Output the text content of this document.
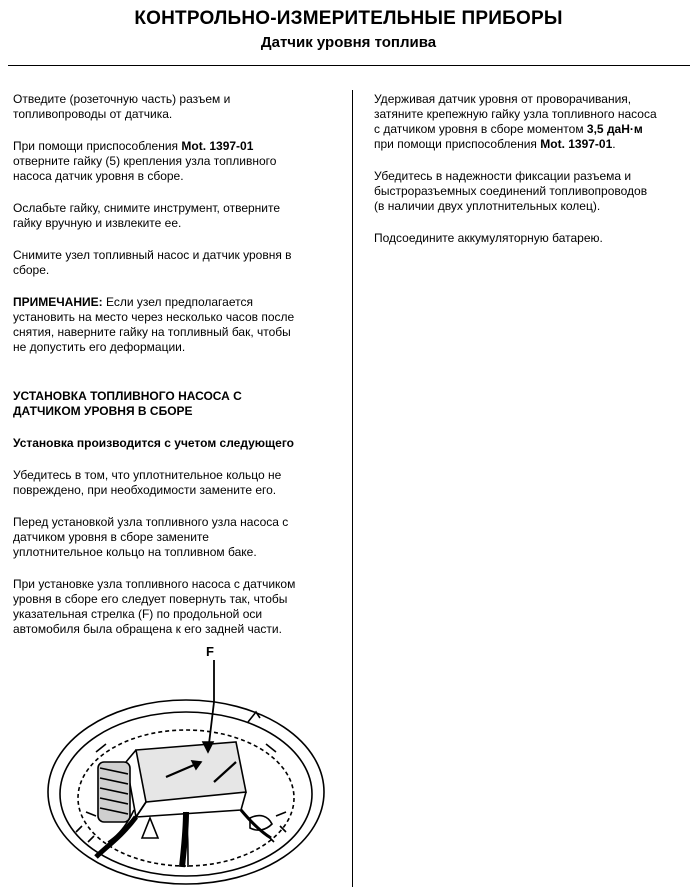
КОНТРОЛЬНО-ИЗМЕРИТЕЛЬНЫЕ ПРИБОРЫ
Датчик уровня топлива

Отведите (розеточную часть) разъем и
топливопроводы от датчика.

При помощи приспособления Mot. 1397-01
отверните гайку (5) крепления узла топливного
насоса датчик уровня в сборе.

Ослабьте гайку, снимите инструмент, отверните
гайку вручную и извлеките ее.

Снимите узел топливный насос и датчик уровня в
сборе.

ПРИМЕЧАНИЕ: Если узел предполагается
установить на место через несколько часов после
снятия, наверните гайку на топливный бак, чтобы
не допустить его деформации.

УСТАНОВКА ТОПЛИВНОГО НАСОСА С
ДАТЧИКОМ УРОВНЯ В СБОРЕ

Установка производится с учетом следующего

Убедитесь в том, что уплотнительное кольцо не
повреждено, при необходимости замените его.

Перед установкой узла топливного узла насоса с
датчиком уровня в сборе замените
уплотнительное кольцо на топливном баке.

При установке узла топливного насоса с датчиком
уровня в сборе его следует повернуть так, чтобы
указательная стрелка (F) по продольной оси
автомобиля была обращена к его задней части.

Удерживая датчик уровня от проворачивания,
затяните крепежную гайку узла топливного насоса
с датчиком уровня в сборе моментом 3,5 даН·м
при помощи приспособления Mot. 1397-01.

Убедитесь в надежности фиксации разъема и
быстроразъемных соединений топливопроводов
(в наличии двух уплотнительных колец).

Подсоедините аккумуляторную батарею.

F
